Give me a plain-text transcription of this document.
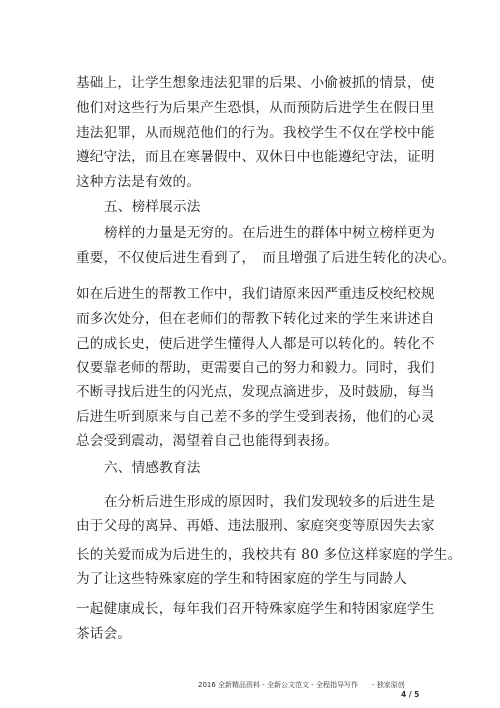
基础上，让学生想象违法犯罪的后果、小偷被抓的情景，使
他们对这些行为后果产生恐惧，从而预防后进学生在假日里
违法犯罪，从而规范他们的行为。我校学生不仅在学校中能
遵纪守法，而且在寒暑假中、双休日中也能遵纪守法，证明
这种方法是有效的。
五、榜样展示法
榜样的力量是无穷的。在后进生的群体中树立榜样更为
重要，不仅使后进生看到了，　而且增强了后进生转化的决心。
如在后进生的帮教工作中，我们请原来因严重违反校纪校规
而多次处分，但在老师们的帮教下转化过来的学生来讲述自
己的成长史，使后进学生懂得人人都是可以转化的。转化不
仅要靠老师的帮助，更需要自己的努力和毅力。同时，我们
不断寻找后进生的闪光点，发现点滴进步，及时鼓励，每当
后进生听到原来与自己差不多的学生受到表扬，他们的心灵
总会受到震动，渴望着自己也能得到表扬。
六、情感教育法
在分析后进生形成的原因时，我们发现较多的后进生是
由于父母的离异、再婚、违法服刑、家庭突变等原因失去家
长的关爱而成为后进生的，我校共有 80 多位这样家庭的学生。
为了让这些特殊家庭的学生和特困家庭的学生与同龄人
一起健康成长，每年我们召开特殊家庭学生和特困家庭学生
茶话会。
2016 全新精品资料 - 全新公文范文 - 全程指导写作　　- 独家原创
4 / 5
